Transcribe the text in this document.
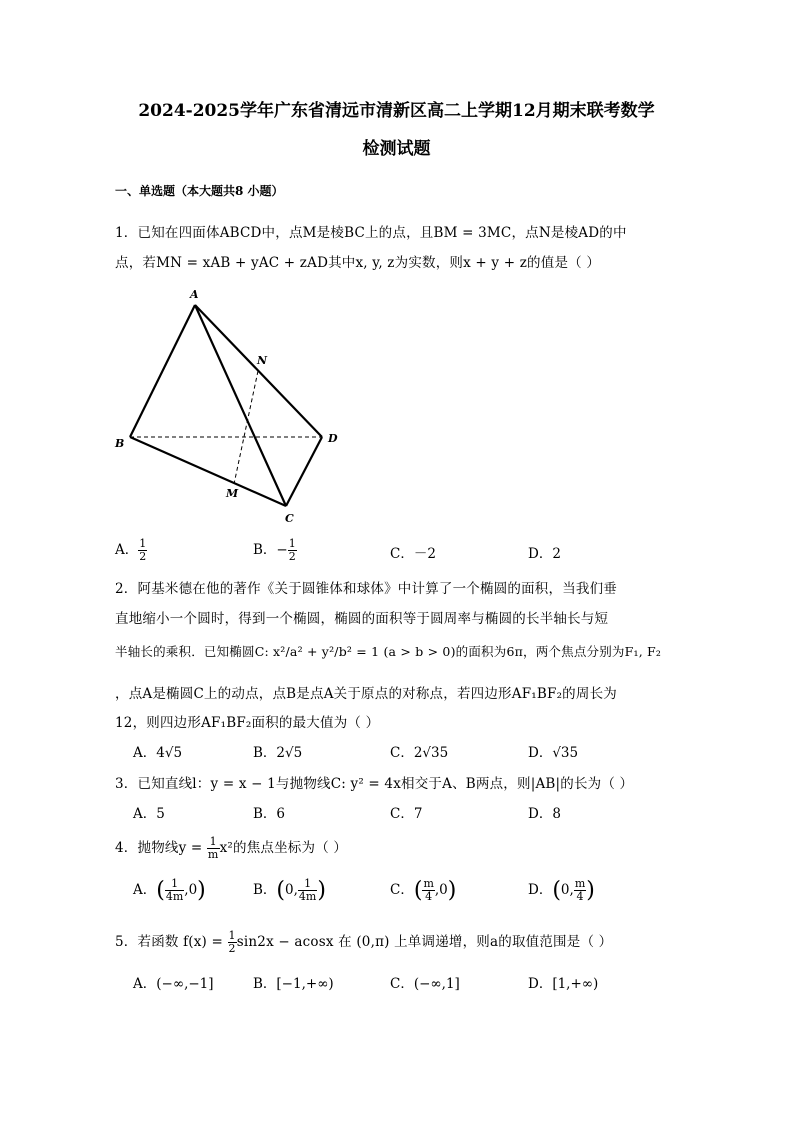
2024-2025学年广东省清远市清新区高二上学期12月期末联考数学
检测试题
一、单选题（本大题共8 小题）
1．已知在四面体ABCD中，点M是棱BC上的点，且BM = 3MC，点N是棱AD的中
点，若MN = xAB + yAC + zAD其中x, y, z为实数，则x + y + z的值是（ ）
A
B
C
D
M
N
A． $\frac{1}{2}$	B．− $\frac{1}{2}$	C．－2	D．2
2．阿基米德在他的著作《关于圆锥体和球体》中计算了一个椭圆的面积，当我们垂
直地缩小一个圆时，得到一个椭圆，椭圆的面积等于圆周率与椭圆的长半轴长与短
半轴长的乘积．已知椭圆C: x²/a² + y²/b² = 1 (a > b > 0)的面积为6π，两个焦点分别为F₁, F₂
，点A是椭圆C上的动点，点B是点A关于原点的对称点，若四边形AF₁BF₂的周长为
12，则四边形AF₁BF₂面积的最大值为（ ）
A．4√5	B．2√5	C．2√35	D．√35
3．已知直线l：y = x − 1与抛物线C: y² = 4x相交于A、B两点，则|AB|的长为（ ）
A．5	B．6	C．7	D．8
4．抛物线$y = \frac{1}{m} x^2$的焦点坐标为（ ）
A．( $\frac{1}{4m} ,0$)	B．(0, $\frac{1}{4m}$ )	C．( $\frac{m}{4} ,0$)	D．(0, $\frac{m}{4}$ )
5．若函数 $f(x) = \frac{1}{2} \sin 2x - acosx$ 在 (0,π) 上单调递增，则a的取值范围是（ ）
A．(−∞,−1]	B．[−1,+∞)	C．(−∞,1]	D．[1,+∞)
